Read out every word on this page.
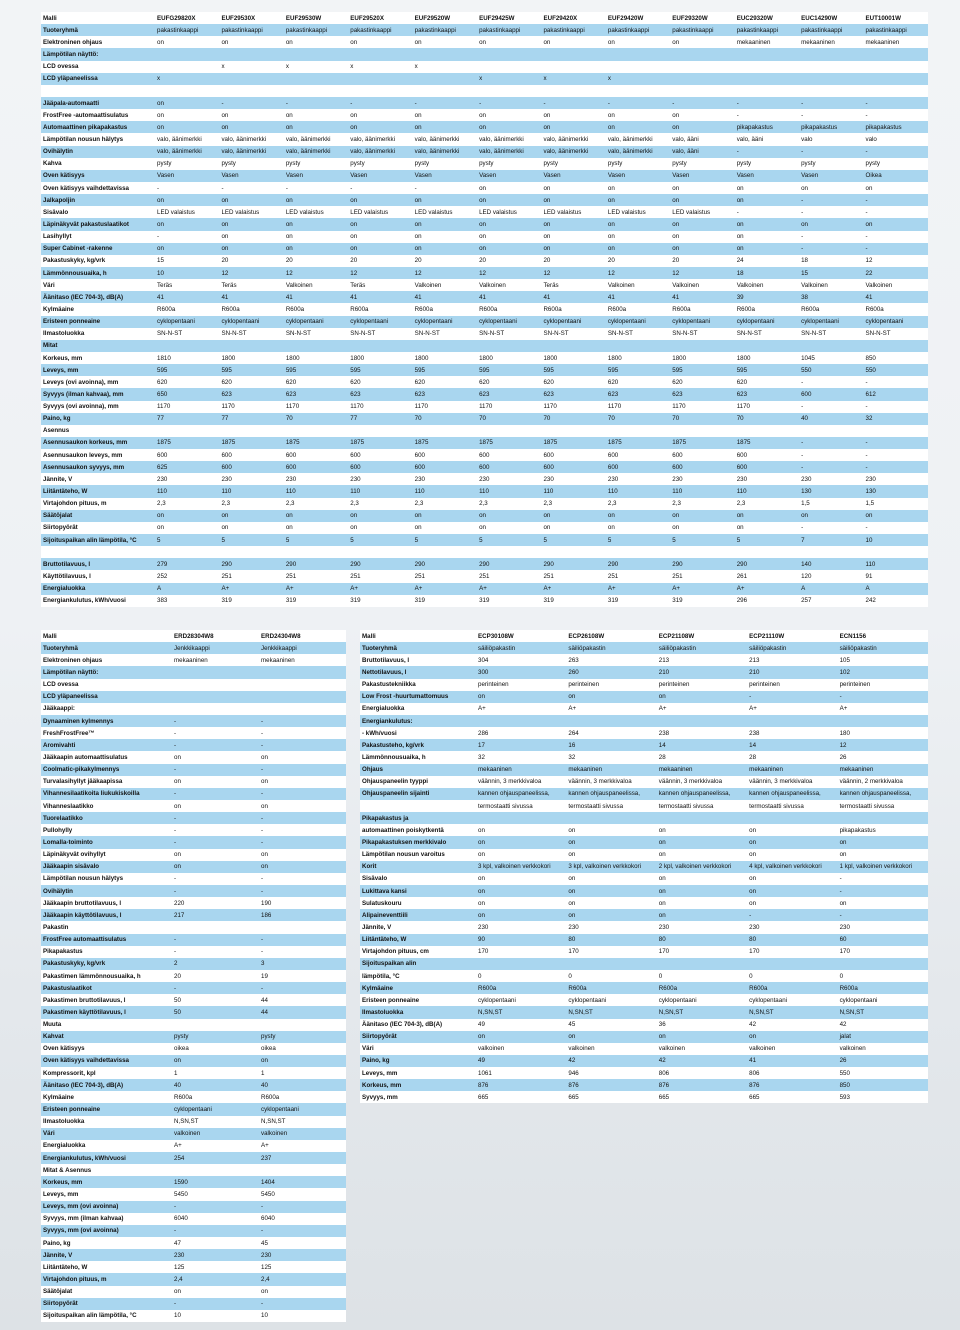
Malli	EUFG29820X	EUF29530X	EUF29530W	EUF29520X	EUF29520W	EUF29425W	EUF29420X	EUF29420W	EUF29320W	EUC29320W	EUC14290W	EUT10001W
Tuoteryhmä	pakastinkaappi	pakastinkaappi	pakastinkaappi	pakastinkaappi	pakastinkaappi	pakastinkaappi	pakastinkaappi	pakastinkaappi	pakastinkaappi	pakastinkaappi	pakastinkaappi	pakastinkaappi
Elektroninen ohjaus	on	on	on	on	on	on	on	on	on	mekaaninen	mekaaninen	mekaaninen
Lämpötilan näyttö:												
LCD ovessa		x	x	x	x							
LCD yläpaneelissa	x					x	x	x				

Jääpala-automaatti	on	-	-	-	-	-	-	-	-	-	-	-
FrostFree -automaattisulatus	on	on	on	on	on	on	on	on	on	-	-	-
Automaattinen pikapakastus	on	on	on	on	on	on	on	on	on	pikapakastus	pikapakastus	pikapakastus
Lämpötilan nousun hälytys	valo, äänimerkki	valo, äänimerkki	valo, äänimerkki	valo, äänimerkki	valo, äänimerkki	valo, äänimerkki	valo, äänimerkki	valo, äänimerkki	valo, ääni	valo, ääni	valo	valo
Ovihälytin	valo, äänimerkki	valo, äänimerkki	valo, äänimerkki	valo, äänimerkki	valo, äänimerkki	valo, äänimerkki	valo, äänimerkki	valo, äänimerkki	valo, ääni	-	-	-
Kahva	pysty	pysty	pysty	pysty	pysty	pysty	pysty	pysty	pysty	pysty	pysty	pysty
Oven kätisyys	Vasen	Vasen	Vasen	Vasen	Vasen	Vasen	Vasen	Vasen	Vasen	Vasen	Vasen	Oikea
Oven kätisyys vaihdettavissa	-	-	-	-	-	on	on	on	on	on	on	on
Jalkapoljin	on	on	on	on	on	on	on	on	on	on	-	-
Sisävalo	LED valaistus	LED valaistus	LED valaistus	LED valaistus	LED valaistus	LED valaistus	LED valaistus	LED valaistus	LED valaistus	-	-	-
Läpinäkyvät pakastuslaatikot	on	on	on	on	on	on	on	on	on	on	on	on
Lasihyllyt	-	on	on	on	on	on	on	on	on	on	-	-
Super Cabinet -rakenne	on	on	on	on	on	on	on	on	on	on	-	-
Pakastuskyky, kg/vrk	15	20	20	20	20	20	20	20	20	24	18	12
Lämmönnousuaika, h	10	12	12	12	12	12	12	12	12	18	15	22
Väri	Teräs	Teräs	Valkoinen	Teräs	Valkoinen	Valkoinen	Teräs	Valkoinen	Valkoinen	Valkoinen	Valkoinen	Valkoinen
Äänitaso (IEC 704-3), dB(A)	41	41	41	41	41	41	41	41	41	39	38	41
Kylmäaine	R600a	R600a	R600a	R600a	R600a	R600a	R600a	R600a	R600a	R600a	R600a	R600a
Eristeen ponneaine	cyklopentaani	cyklopentaani	cyklopentaani	cyklopentaani	cyklopentaani	cyklopentaani	cyklopentaani	cyklopentaani	cyklopentaani	cyklopentaani	cyklopentaani	cyklopentaani
Ilmastoluokka	SN-N-ST	SN-N-ST	SN-N-ST	SN-N-ST	SN-N-ST	SN-N-ST	SN-N-ST	SN-N-ST	SN-N-ST	SN-N-ST	SN-N-ST	SN-N-ST
Mitat												
Korkeus, mm	1810	1800	1800	1800	1800	1800	1800	1800	1800	1800	1045	850
Leveys, mm	595	595	595	595	595	595	595	595	595	595	550	550
Leveys (ovi avoinna), mm	620	620	620	620	620	620	620	620	620	620	-	-
Syvyys (ilman kahvaa), mm	650	623	623	623	623	623	623	623	623	623	600	612
Syvyys (ovi avoinna), mm	1170	1170	1170	1170	1170	1170	1170	1170	1170	1170	-	-
Paino, kg	77	77	70	77	70	70	70	70	70	70	40	32
Asennus												
Asennusaukon korkeus, mm	1875	1875	1875	1875	1875	1875	1875	1875	1875	1875	-	-
Asennusaukon leveys, mm	600	600	600	600	600	600	600	600	600	600	-	-
Asennusaukon syvyys, mm	625	600	600	600	600	600	600	600	600	600	-	-
Jännite, V	230	230	230	230	230	230	230	230	230	230	230	230
Liitäntäteho, W	110	110	110	110	110	110	110	110	110	110	130	130
Virtajohdon pituus, m	2,3	2,3	2,3	2,3	2,3	2,3	2,3	2,3	2,3	2,3	1,5	1,5
Säätöjalat	on	on	on	on	on	on	on	on	on	on	on	on
Siirtopyörät	on	on	on	on	on	on	on	on	on	on	-	-
Sijoituspaikan alin lämpötila, °C	5	5	5	5	5	5	5	5	5	5	7	10

Bruttotilavuus, l	279	290	290	290	290	290	290	290	290	290	140	110
Käyttötilavuus, l	252	251	251	251	251	251	251	251	251	261	120	91
Energialuokka	A	A+	A+	A+	A+	A+	A+	A+	A+	A+	A	A
Energiankulutus, kWh/vuosi	383	319	319	319	319	319	319	319	319	296	257	242
Malli	ERD28304W8	ERD24304W8
Tuoteryhmä	Jenkkikaappi	Jenkkikaappi
Elektroninen ohjaus	mekaaninen	mekaaninen
Lämpötilan näyttö:		
LCD ovessa		
LCD yläpaneelissa		
Jääkaappi:		
Dynaaminen kylmennys	-	-
FreshFrostFree™	-	-
Aromivahti	-	-
Jääkaapin automaattisulatus	on	on
Coolmatic-pikakylmennys	-	-
Turvalasihyllyt jääkaapissa	on	on
Vihannesilaatikoita liukukiskoilla	-	-
Vihanneslaatikko	on	on
Tuorelaatikko	-	-
Pullohylly	-	-
Lomalla-toiminto	-	-
Läpinäkyvät ovihyllyt	on	on
Jääkaapin sisävalo	on	on
Lämpötilan nousun hälytys	-	-
Ovihälytin	-	-
Jääkaapin bruttotilavuus, l	220	190
Jääkaapin käyttötilavuus, l	217	186
Pakastin		
FrostFree automaattisulatus	-	-
Pikapakastus	-	-
Pakastuskyky, kg/vrk	2	3
Pakastimen lämmönnousuaika, h	20	19
Pakastuslaatikot	-	-
Pakastimen bruttotilavuus, l	50	44
Pakastimen käyttötilavuus, l	50	44
Muuta		
Kahvat	pysty	pysty
Oven kätisyys	oikea	oikea
Oven kätisyys vaihdettavissa	on	on
Kompressorit, kpl	1	1
Äänitaso (IEC 704-3), dB(A)	40	40
Kylmäaine	R600a	R600a
Eristeen ponneaine	cyklopentaani	cyklopentaani
Ilmastoluokka	N,SN,ST	N,SN,ST
Väri	valkoinen	valkoinen
Energialuokka	A+	A+
Energiankulutus, kWh/vuosi	254	237
Mitat & Asennus		
Korkeus, mm	1590	1404
Leveys, mm	5450	5450
Leveys, mm (ovi avoinna)	-	-
Syvyys, mm (ilman kahvaa)	6040	6040
Syvyys, mm (ovi avoinna)	-	-
Paino, kg	47	45
Jännite, V	230	230
Liitäntäteho, W	125	125
Virtajohdon pituus, m	2,4	2,4
Säätöjalat	on	on
Siirtopyörät	-	-
Sijoituspaikan alin lämpötila, °C	10	10
Malli	ECP30108W	ECP26108W	ECP21108W	ECP21110W	ECN1156
Tuoteryhmä	säiliöpakastin	säiliöpakastin	säiliöpakastin	säiliöpakastin	säiliöpakastin
Bruttotilavuus, l	304	263	213	213	105
Nettotilavuus, l	300	260	210	210	102
Pakastustekniikka	perinteinen	perinteinen	perinteinen	perinteinen	perinteinen
Low Frost -huurtumattomuus	on	on	on	-	-
Energialuokka	A+	A+	A+	A+	A+
Energiankulutus:					
- kWh/vuosi	286	264	238	238	180
Pakastusteho, kg/vrk	17	16	14	14	12
Lämmönnousuaika, h	32	32	28	28	26
Ohjaus	mekaaninen	mekaaninen	mekaaninen	mekaaninen	mekaaninen
Ohjauspaneelin tyyppi	väännin, 3 merkkivaloa	väännin, 3 merkkivaloa	väännin, 3 merkkivaloa	väännin, 3 merkkivaloa	väännin, 2 merkkivaloa
Ohjauspaneelin sijainti	kannen ohjauspaneelissa,	kannen ohjauspaneelissa,	kannen ohjauspaneelissa,	kannen ohjauspaneelissa,	kannen ohjauspaneelissa,
	termostaatti sivussa	termostaatti sivussa	termostaatti sivussa	termostaatti sivussa	termostaatti sivussa
Pikapakastus ja					
automaattinen poiskytkentä	on	on	on	on	pikapakastus
Pikapakastuksen merkkivalo	on	on	on	on	on
Lämpötilan nousun varoitus	on	on	on	on	on
Korit	3 kpl, valkoinen verkkokori	3 kpl, valkoinen verkkokori	2 kpl, valkoinen verkkokori	4 kpl, valkoinen verkkokori	1 kpl, valkoinen verkkokori
Sisävalo	on	on	on	on	-
Lukittava kansi	on	on	on	on	-
Sulatuskouru	on	on	on	on	on
Alipaineventtiili	on	on	on	-	-
Jännite, V	230	230	230	230	230
Liitäntäteho, W	90	80	80	80	60
Virtajohdon pituus, cm	170	170	170	170	170
Sijoituspaikan alin					
lämpötila, °C	0	0	0	0	0
Kylmäaine	R600a	R600a	R600a	R600a	R600a
Eristeen ponneaine	cyklopentaani	cyklopentaani	cyklopentaani	cyklopentaani	cyklopentaani
Ilmastoluokka	N,SN,ST	N,SN,ST	N,SN,ST	N,SN,ST	N,SN,ST
Äänitaso (IEC 704-3), dB(A)	49	45	36	42	42
Siirtopyörät	on	on	on	on	jalat
Väri	valkoinen	valkoinen	valkoinen	valkoinen	valkoinen
Paino, kg	49	42	42	41	26
Leveys, mm	1061	946	806	806	550
Korkeus, mm	876	876	876	876	850
Syvyys, mm	665	665	665	665	593
